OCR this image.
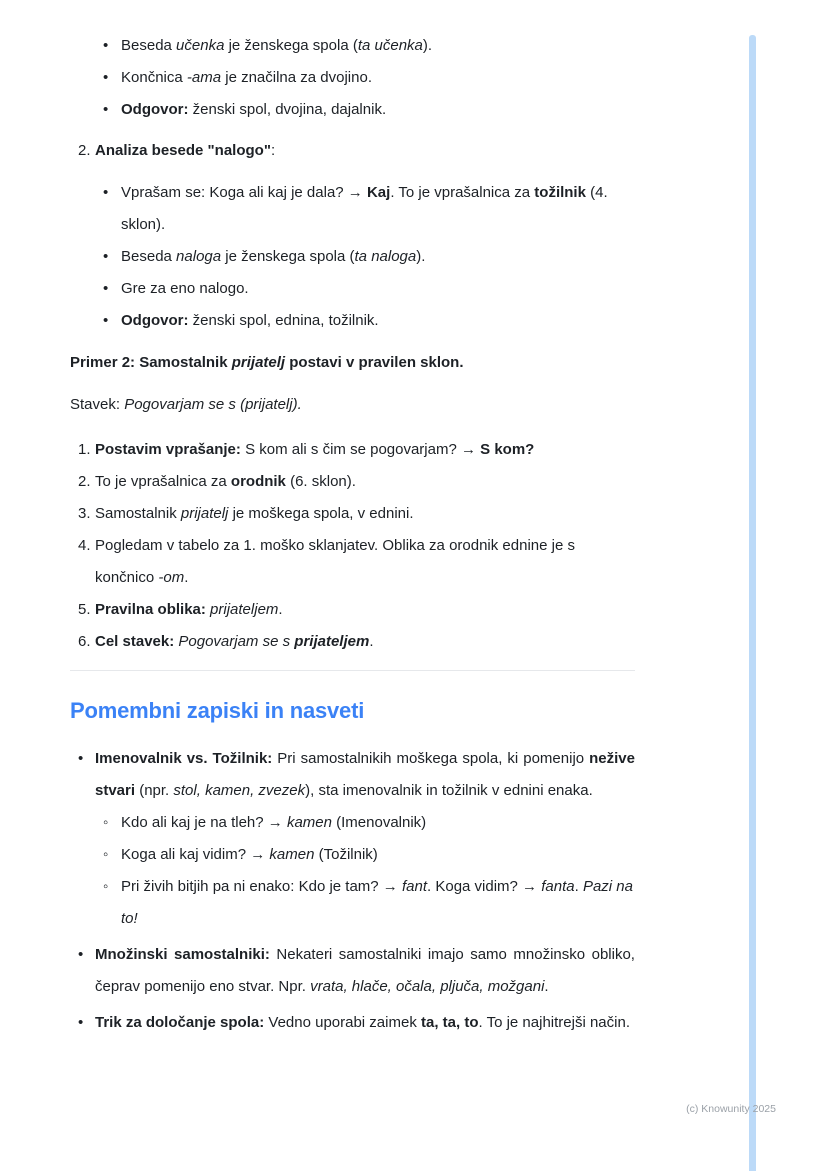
• Beseda učenka je ženskega spola (ta učenka).
• Končnica -ama je značilna za dvojino.
• Odgovor: ženski spol, dvojina, dajalnik.
2. Analiza besede "nalogo":
• Vprašam se: Koga ali kaj je dala? → Kaj. To je vprašalnica za tožilnik (4. sklon).
• Beseda naloga je ženskega spola (ta naloga).
• Gre za eno nalogo.
• Odgovor: ženski spol, ednina, tožilnik.

Primer 2: Samostalnik prijatelj postavi v pravilen sklon.

Stavek: Pogovarjam se s (prijatelj).

1. Postavim vprašanje: S kom ali s čim se pogovarjam? → S kom?
2. To je vprašalnica za orodnik (6. sklon).
3. Samostalnik prijatelj je moškega spola, v ednini.
4. Pogledam v tabelo za 1. moško sklanjatev. Oblika za orodnik ednine je s končnico -om.
5. Pravilna oblika: prijateljem.
6. Cel stavek: Pogovarjam se s prijateljem.
Pomembni zapiski in nasveti
• Imenovalnik vs. Tožilnik: Pri samostalnikih moškega spola, ki pomenijo nežive stvari (npr. stol, kamen, zvezek), sta imenovalnik in tožilnik v ednini enaka.
◦ Kdo ali kaj je na tleh? → kamen (Imenovalnik)
◦ Koga ali kaj vidim? → kamen (Tožilnik)
◦ Pri živih bitjih pa ni enako: Kdo je tam? → fant. Koga vidim? → fanta. Pazi na to!
• Množinski samostalniki: Nekateri samostalniki imajo samo množinsko obliko, čeprav pomenijo eno stvar. Npr. vrata, hlače, očala, pljuča, možgani.
• Trik za določanje spola: Vedno uporabi zaimek ta, ta, to. To je najhitrejši način.
(c) Knowunity 2025
